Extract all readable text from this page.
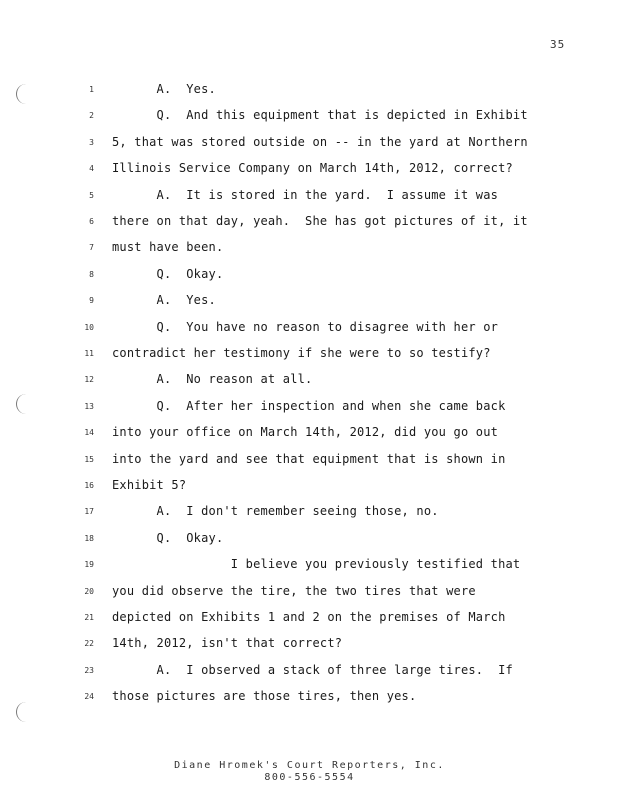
35
1 A.  Yes.
2 Q.  And this equipment that is depicted in Exhibit
3 5, that was stored outside on -- in the yard at Northern
4 Illinois Service Company on March 14th, 2012, correct?
5 A.  It is stored in the yard.  I assume it was
6 there on that day, yeah.  She has got pictures of it, it
7 must have been.
8 Q.  Okay.
9 A.  Yes.
10 Q.  You have no reason to disagree with her or
11 contradict her testimony if she were to so testify?
12 A.  No reason at all.
13 Q.  After her inspection and when she came back
14 into your office on March 14th, 2012, did you go out
15 into the yard and see that equipment that is shown in
16 Exhibit 5?
17 A.  I don't remember seeing those, no.
18 Q.  Okay.
19 I believe you previously testified that
20 you did observe the tire, the two tires that were
21 depicted on Exhibits 1 and 2 on the premises of March
22 14th, 2012, isn't that correct?
23 A.  I observed a stack of three large tires.  If
24 those pictures are those tires, then yes.
Diane Hromek's Court Reporters, Inc.
800-556-5554
